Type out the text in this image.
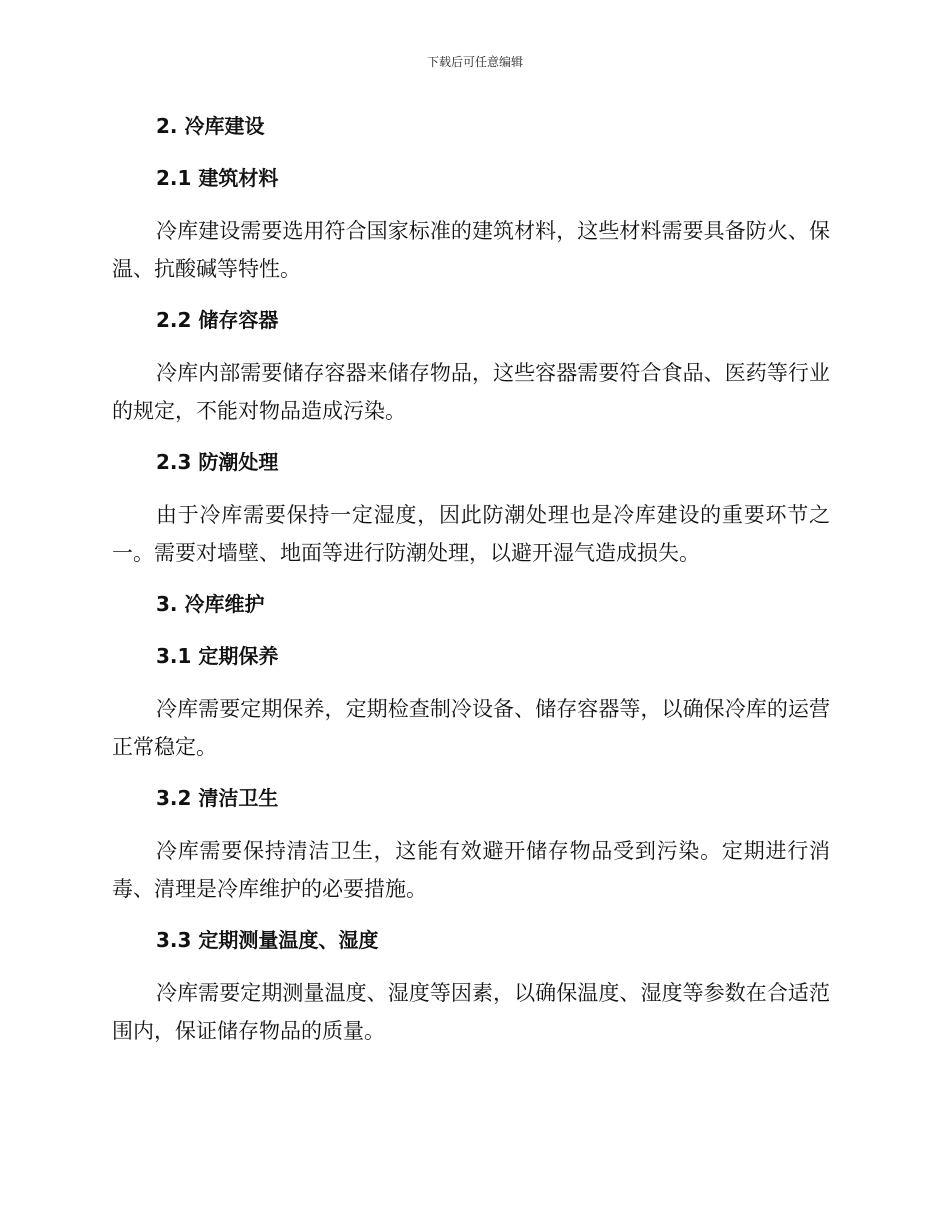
下载后可任意编辑
2. 冷库建设
2.1 建筑材料

冷库建设需要选用符合国家标准的建筑材料，这些材料需要具备防火、保温、抗酸碱等特性。

2.2 储存容器

冷库内部需要储存容器来储存物品，这些容器需要符合食品、医药等行业的规定，不能对物品造成污染。

2.3 防潮处理

由于冷库需要保持一定湿度，因此防潮处理也是冷库建设的重要环节之一。需要对墙壁、地面等进行防潮处理，以避开湿气造成损失。

3. 冷库维护
3.1 定期保养

冷库需要定期保养，定期检查制冷设备、储存容器等，以确保冷库的运营正常稳定。

3.2 清洁卫生

冷库需要保持清洁卫生，这能有效避开储存物品受到污染。定期进行消毒、清理是冷库维护的必要措施。

3.3 定期测量温度、湿度

冷库需要定期测量温度、湿度等因素，以确保温度、湿度等参数在合适范围内，保证储存物品的质量。
